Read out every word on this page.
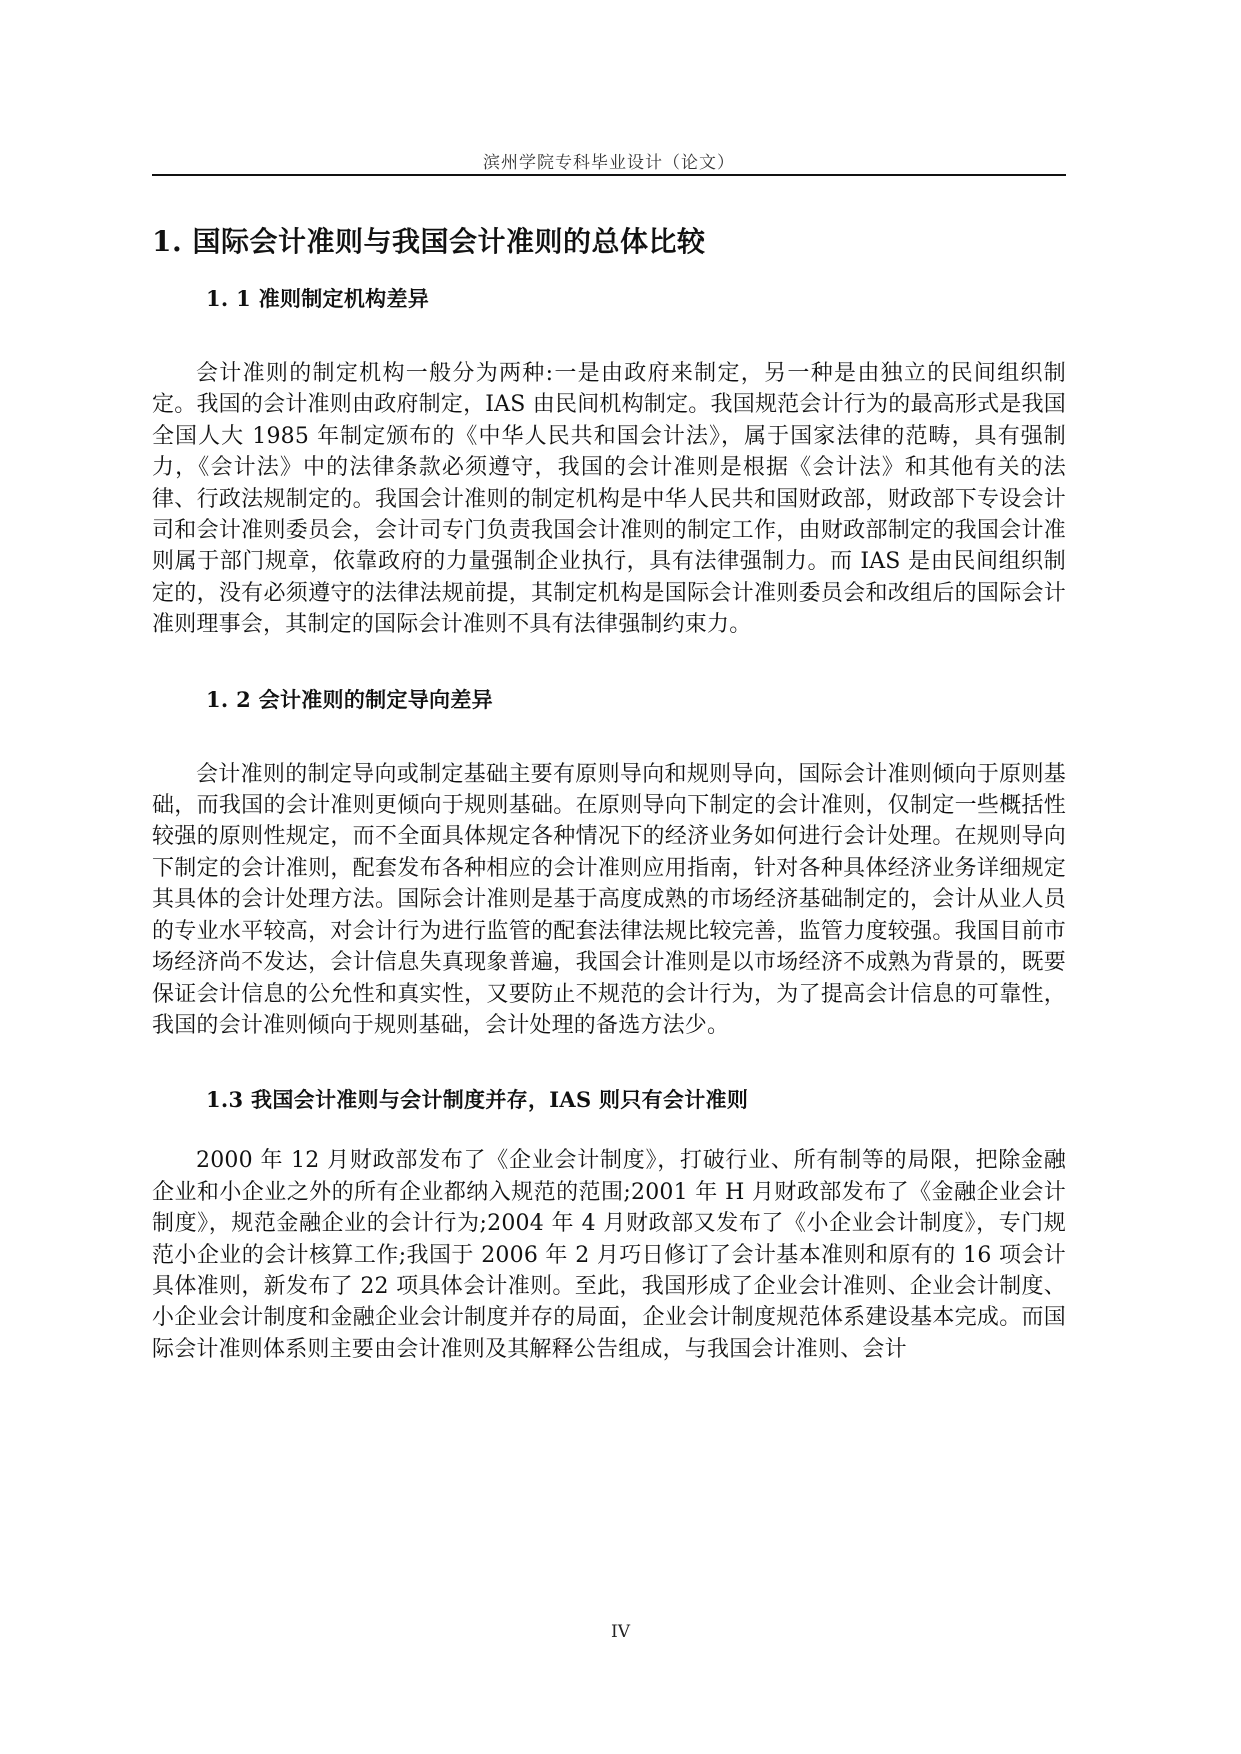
滨州学院专科毕业设计（论文）
1. 国际会计准则与我国会计准则的总体比较
1. 1 准则制定机构差异

会计准则的制定机构一般分为两种:一是由政府来制定，另一种是由独立的民间组织制定。我国的会计准则由政府制定，IAS 由民间机构制定。我国规范会计行为的最高形式是我国全国人大 1985 年制定颁布的《中华人民共和国会计法》，属于国家法律的范畴，具有强制力，《会计法》中的法律条款必须遵守，我国的会计准则是根据《会计法》和其他有关的法律、行政法规制定的。我国会计准则的制定机构是中华人民共和国财政部，财政部下专设会计司和会计准则委员会，会计司专门负责我国会计准则的制定工作，由财政部制定的我国会计准则属于部门规章，依靠政府的力量强制企业执行，具有法律强制力。而 IAS 是由民间组织制定的，没有必须遵守的法律法规前提，其制定机构是国际会计准则委员会和改组后的国际会计准则理事会，其制定的国际会计准则不具有法律强制约束力。

1. 2 会计准则的制定导向差异

会计准则的制定导向或制定基础主要有原则导向和规则导向，国际会计准则倾向于原则基础，而我国的会计准则更倾向于规则基础。在原则导向下制定的会计准则，仅制定一些概括性较强的原则性规定，而不全面具体规定各种情况下的经济业务如何进行会计处理。在规则导向下制定的会计准则，配套发布各种相应的会计准则应用指南，针对各种具体经济业务详细规定其具体的会计处理方法。国际会计准则是基于高度成熟的市场经济基础制定的，会计从业人员的专业水平较高，对会计行为进行监管的配套法律法规比较完善，监管力度较强。我国目前市场经济尚不发达，会计信息失真现象普遍，我国会计准则是以市场经济不成熟为背景的，既要保证会计信息的公允性和真实性，又要防止不规范的会计行为，为了提高会计信息的可靠性，我国的会计准则倾向于规则基础，会计处理的备选方法少。

1.3 我国会计准则与会计制度并存，IAS 则只有会计准则

2000 年 12 月财政部发布了《企业会计制度》，打破行业、所有制等的局限，把除金融企业和小企业之外的所有企业都纳入规范的范围;2001 年 H 月财政部发布了《金融企业会计制度》，规范金融企业的会计行为;2004 年 4 月财政部又发布了《小企业会计制度》，专门规范小企业的会计核算工作;我国于 2006 年 2 月巧日修订了会计基本准则和原有的 16 项会计具体准则，新发布了 22 项具体会计准则。至此，我国形成了企业会计准则、企业会计制度、小企业会计制度和金融企业会计制度并存的局面，企业会计制度规范体系建设基本完成。而国际会计准则体系则主要由会计准则及其解释公告组成，与我国会计准则、会计

IV
